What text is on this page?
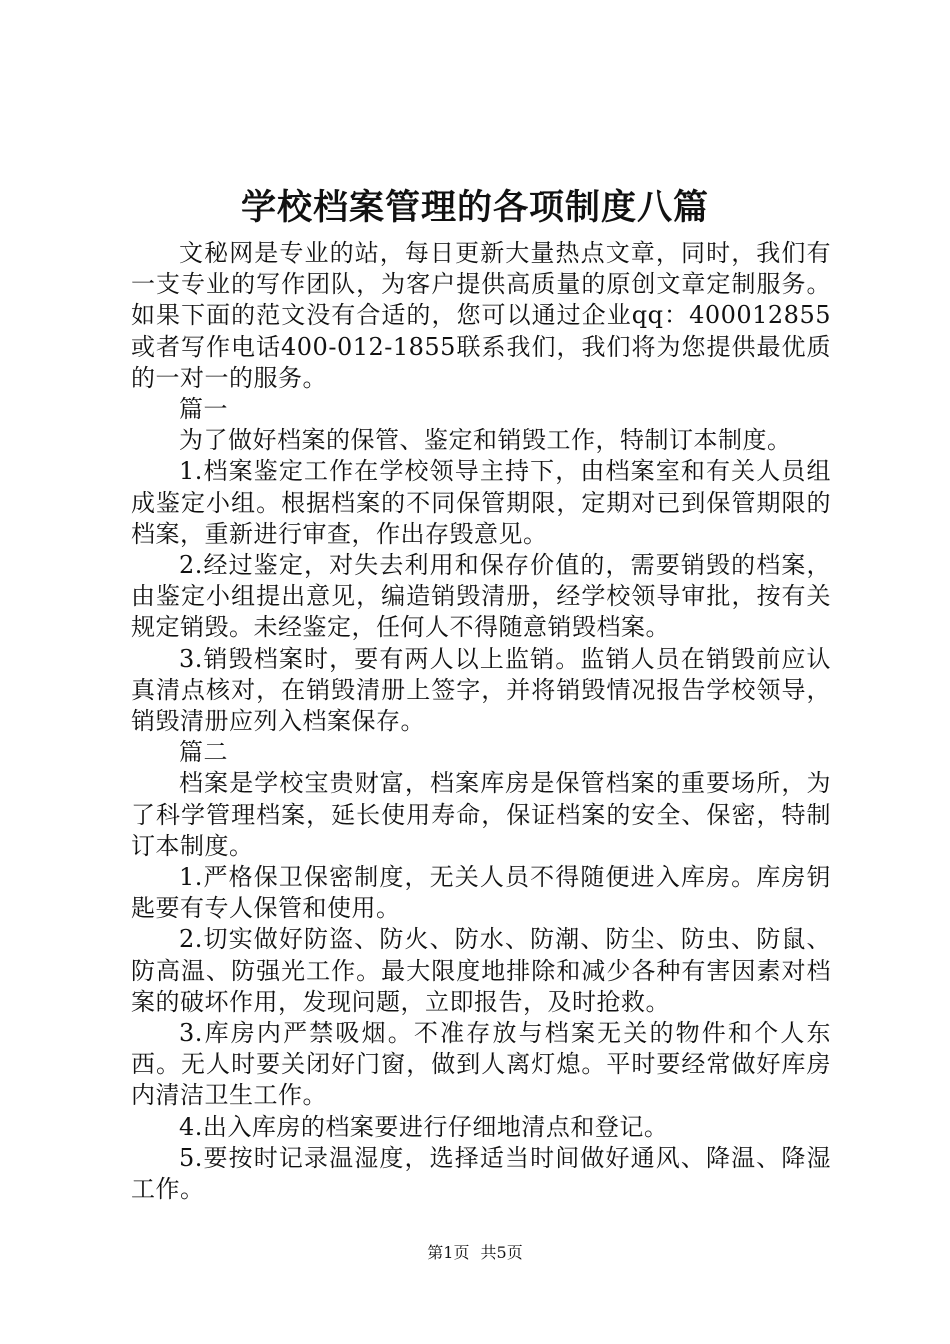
学校档案管理的各项制度八篇

文秘网是专业的站，每日更新大量热点文章，同时，我们有一支专业的写作团队，为客户提供高质量的原创文章定制服务。如果下面的范文没有合适的，您可以通过企业qq：400012855或者写作电话400-012-1855联系我们，我们将为您提供最优质的一对一的服务。

篇一

为了做好档案的保管、鉴定和销毁工作，特制订本制度。

1.档案鉴定工作在学校领导主持下，由档案室和有关人员组成鉴定小组。根据档案的不同保管期限，定期对已到保管期限的档案，重新进行审查，作出存毁意见。

2.经过鉴定，对失去利用和保存价值的，需要销毁的档案，由鉴定小组提出意见，编造销毁清册，经学校领导审批，按有关规定销毁。未经鉴定，任何人不得随意销毁档案。

3.销毁档案时，要有两人以上监销。监销人员在销毁前应认真清点核对，在销毁清册上签字，并将销毁情况报告学校领导，销毁清册应列入档案保存。

篇二

档案是学校宝贵财富，档案库房是保管档案的重要场所，为了科学管理档案，延长使用寿命，保证档案的安全、保密，特制订本制度。

1.严格保卫保密制度，无关人员不得随便进入库房。库房钥匙要有专人保管和使用。

2.切实做好防盗、防火、防水、防潮、防尘、防虫、防鼠、防高温、防强光工作。最大限度地排除和减少各种有害因素对档案的破坏作用，发现问题，立即报告，及时抢救。

3.库房内严禁吸烟。不准存放与档案无关的物件和个人东西。无人时要关闭好门窗，做到人离灯熄。平时要经常做好库房内清洁卫生工作。

4.出入库房的档案要进行仔细地清点和登记。

5.要按时记录温湿度，选择适当时间做好通风、降温、降湿工作。

第1页 共5页
